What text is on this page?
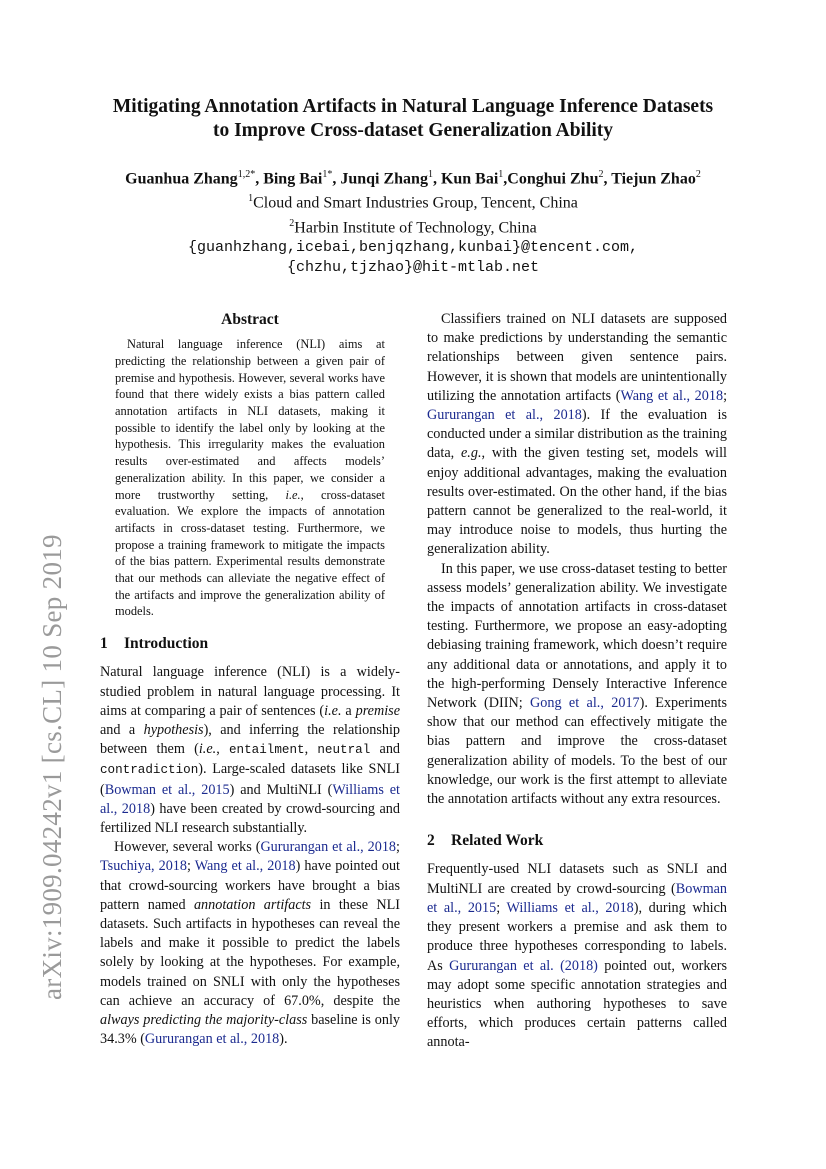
Mitigating Annotation Artifacts in Natural Language Inference Datasets
to Improve Cross-dataset Generalization Ability
Guanhua Zhang$^{1,2*}$, Bing Bai$^{1*}$, Junqi Zhang$^1$, Kun Bai$^1$,Conghui Zhu$^2$, Tiejun Zhao$^2$
$^1$Cloud and Smart Industries Group, Tencent, China
$^2$Harbin Institute of Technology, China
{guanhzhang,icebai,benjqzhang,kunbai}@tencent.com,
{chzhu,tjzhao}@hit-mtlab.net
arXiv:1909.04242v1 [cs.CL] 10 Sep 2019
Abstract

Natural language inference (NLI) aims at predicting the relationship between a given pair of premise and hypothesis. However, several works have found that there widely exists a bias pattern called annotation artifacts in NLI datasets, making it possible to identify the label only by looking at the hypothesis. This irregularity makes the evaluation results over-estimated and affects models’ generalization ability. In this paper, we consider a more trustworthy setting, i.e., cross-dataset evaluation. We explore the impacts of annotation artifacts in cross-dataset testing. Furthermore, we propose a training framework to mitigate the impacts of the bias pattern. Experimental results demonstrate that our methods can alleviate the negative effect of the artifacts and improve the generalization ability of models.

1 Introduction

Natural language inference (NLI) is a widely-studied problem in natural language processing. It aims at comparing a pair of sentences (i.e. a premise and a hypothesis), and inferring the relationship between them (i.e., entailment, neutral and contradiction). Large-scaled datasets like SNLI (Bowman et al., 2015) and MultiNLI (Williams et al., 2018) have been created by crowd-sourcing and fertilized NLI research substantially.

However, several works (Gururangan et al., 2018; Tsuchiya, 2018; Wang et al., 2018) have pointed out that crowd-sourcing workers have brought a bias pattern named annotation artifacts in these NLI datasets. Such artifacts in hypotheses can reveal the labels and make it possible to predict the labels solely by looking at the hypotheses. For example, models trained on SNLI with only the hypotheses can achieve an accuracy of 67.0%, despite the always predicting the majority-class baseline is only 34.3% (Gururangan et al., 2018).

Classifiers trained on NLI datasets are supposed to make predictions by understanding the semantic relationships between given sentence pairs. However, it is shown that models are unintentionally utilizing the annotation artifacts (Wang et al., 2018; Gururangan et al., 2018). If the evaluation is conducted under a similar distribution as the training data, e.g., with the given testing set, models will enjoy additional advantages, making the evaluation results over-estimated. On the other hand, if the bias pattern cannot be generalized to the real-world, it may introduce noise to models, thus hurting the generalization ability.

In this paper, we use cross-dataset testing to better assess models’ generalization ability. We investigate the impacts of annotation artifacts in cross-dataset testing. Furthermore, we propose an easy-adopting debiasing training framework, which doesn’t require any additional data or annotations, and apply it to the high-performing Densely Interactive Inference Network (DIIN; Gong et al., 2017). Experiments show that our method can effectively mitigate the bias pattern and improve the cross-dataset generalization ability of models. To the best of our knowledge, our work is the first attempt to alleviate the annotation artifacts without any extra resources.

2 Related Work

Frequently-used NLI datasets such as SNLI and MultiNLI are created by crowd-sourcing (Bowman et al., 2015; Williams et al., 2018), during which they present workers a premise and ask them to produce three hypotheses corresponding to labels. As Gururangan et al. (2018) pointed out, workers may adopt some specific annotation strategies and heuristics when authoring hypotheses to save efforts, which produces certain patterns called annota-
